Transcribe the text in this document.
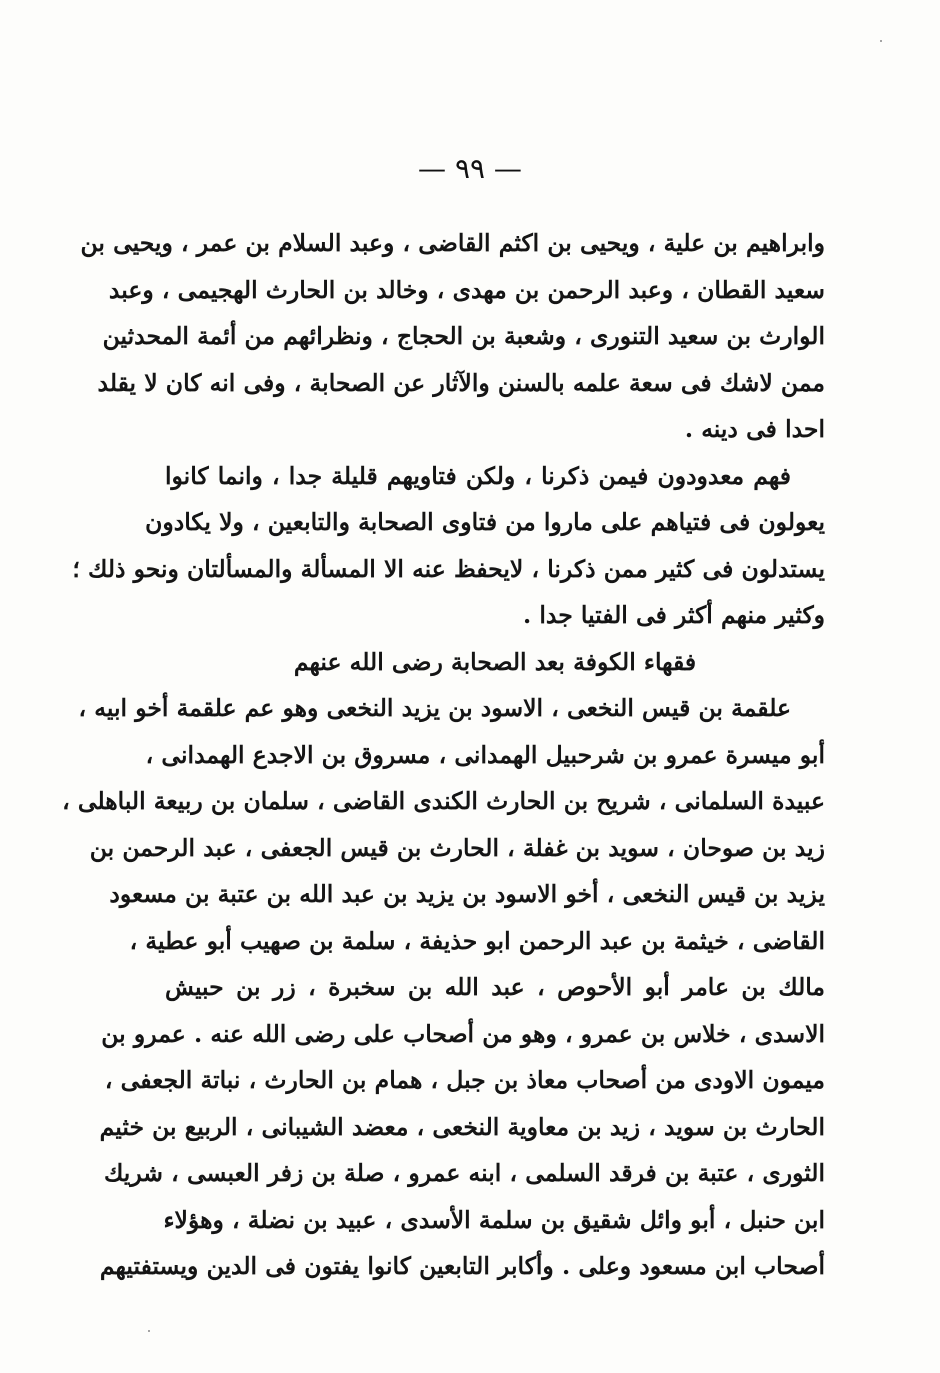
— ٩٩ —
وابراهيم بن علية ، ويحيى بن اكثم القاضى ، وعبد السلام بن عمر ، ويحيى بن
سعيد القطان ، وعبد الرحمن بن مهدى ، وخالد بن الحارث الهجيمى ، وعبد
الوارث بن سعيد التنورى ، وشعبة بن الحجاج ، ونظرائهم من أئمة المحدثين
ممن لاشك فى سعة علمه بالسنن والآثار عن الصحابة ، وفى انه كان لا يقلد
احدا فى دينه .
فهم معدودون فيمن ذكرنا ، ولكن فتاويهم قليلة جدا ، وانما كانوا
يعولون فى فتياهم على ماروا من فتاوى الصحابة والتابعين ، ولا يكادون
يستدلون فى كثير ممن ذكرنا ، لايحفظ عنه الا المسألة والمسألتان ونحو ذلك ؛
وكثير منهم أكثر فى الفتيا جدا .
فقهاء الكوفة بعد الصحابة رضى الله عنهم
علقمة بن قيس النخعى ، الاسود بن يزيد النخعى وهو عم علقمة أخو ابيه ،
أبو ميسرة عمرو بن شرحبيل الهمدانى ، مسروق بن الاجدع الهمدانى ،
عبيدة السلمانى ، شريح بن الحارث الكندى القاضى ، سلمان بن ربيعة الباهلى ،
زيد بن صوحان ، سويد بن غفلة ، الحارث بن قيس الجعفى ، عبد الرحمن بن
يزيد بن قيس النخعى ، أخو الاسود بن يزيد بن عبد الله بن عتبة بن مسعود
القاضى ، خيثمة بن عبد الرحمن ابو حذيفة ، سلمة بن صهيب أبو عطية ،
مالك بن عامر أبو الأحوص ، عبد الله بن سخبرة ، زر بن حبيش
الاسدى ، خلاس بن عمرو ، وهو من أصحاب على رضى الله عنه . عمرو بن
ميمون الاودى من أصحاب معاذ بن جبل ، همام بن الحارث ، نباتة الجعفى ،
الحارث بن سويد ، زيد بن معاوية النخعى ، معضد الشيبانى ، الربيع بن خثيم
الثورى ، عتبة بن فرقد السلمى ، ابنه عمرو ، صلة بن زفر العبسى ، شريك
ابن حنبل ، أبو وائل شقيق بن سلمة الأسدى ، عبيد بن نضلة ، وهؤلاء
أصحاب ابن مسعود وعلى . وأكابر التابعين كانوا يفتون فى الدين ويستفتيهم
